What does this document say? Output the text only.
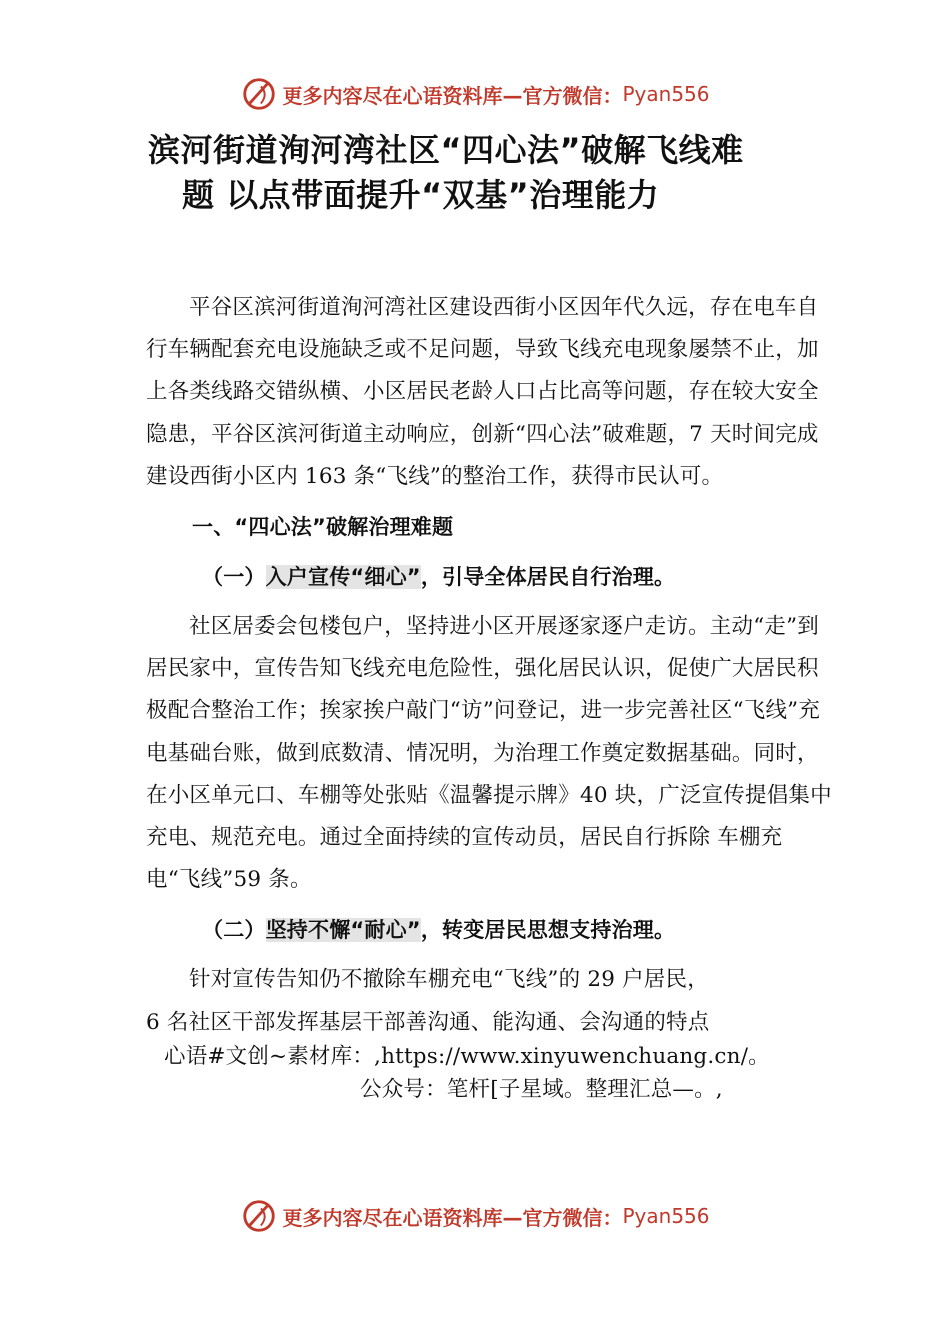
更多内容尽在心语资料库—官方微信： Pyan556
滨河街道洵河湾社区“四心法”破解飞线难
题 以点带面提升“双基”治理能力

平谷区滨河街道洵河湾社区建设西街小区因年代久远，存在电车自行车辆配套充电设施缺乏或不足问题，导致飞线充电现象屡禁不止，加上各类线路交错纵横、小区居民老龄人口占比高等问题，存在较大安全隐患，平谷区滨河街道主动响应，创新“四心法”破难题，7 天时间完成建设西街小区内 163 条“飞线”的整治工作，获得市民认可。

一、“四心法”破解治理难题

（一）入户宣传“细心”，引导全体居民自行治理。

社区居委会包楼包户，坚持进小区开展逐家逐户走访。主动“走”到居民家中，宣传告知飞线充电危险性，强化居民认识，促使广大居民积极配合整治工作；挨家挨户敲门“访”问登记，进一步完善社区“飞线”充电基础台账，做到底数清、情况明，为治理工作奠定数据基础。同时，在小区单元口、车棚等处张贴《温馨提示牌》40 块，广泛宣传提倡集中充电、规范充电。通过全面持续的宣传动员，居民自行拆除 车棚充电“飞线”59 条。

（二）坚持不懈“耐心”，转变居民思想支持治理。

针对宣传告知仍不撤除车棚充电“飞线”的 29 户居民，

6 名社区干部发挥基层干部善沟通、能沟通、会沟通的特点

心语#文创~素材库：,https://www.xinyuwenchuang.cn/。

公众号：笔杆[子星域。整理汇总—。,

更多内容尽在心语资料库—官方微信： Pyan556
